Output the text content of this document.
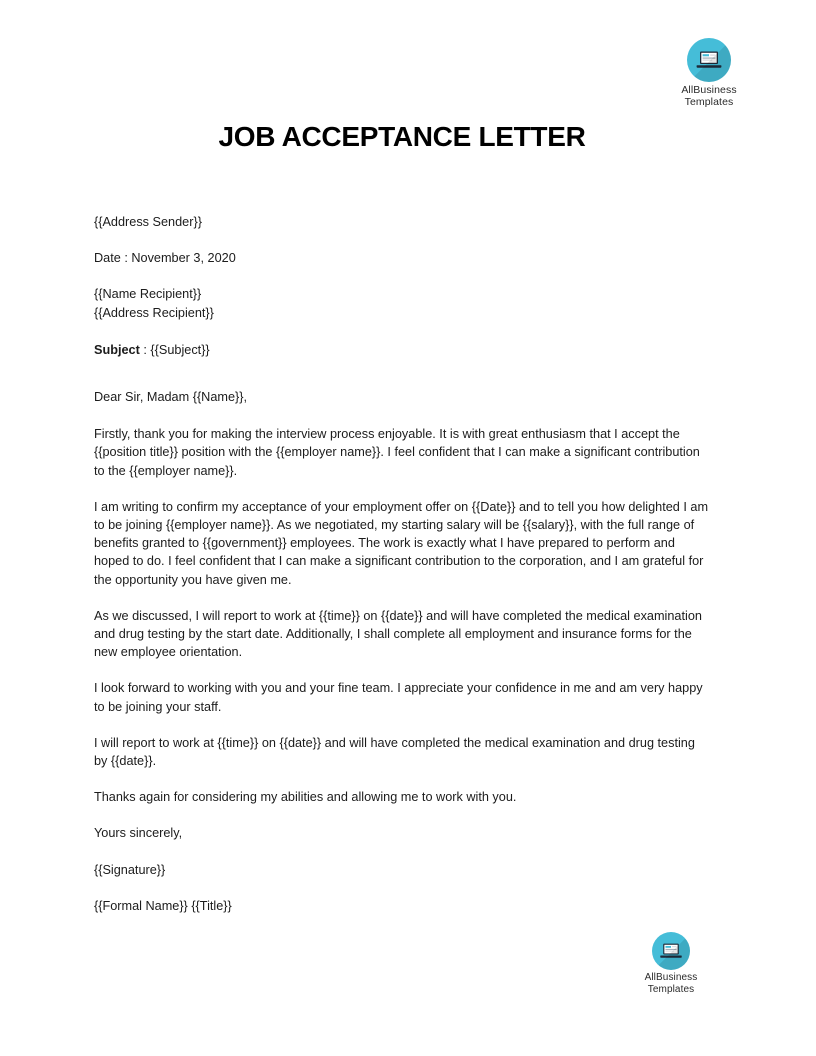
AllBusiness
Templates
JOB ACCEPTANCE LETTER

{{Address Sender}}

Date : November 3, 2020

{{Name Recipient}}

{{Address Recipient}}

Subject : {{Subject}}

Dear Sir, Madam {{Name}},

Firstly, thank you for making the interview process enjoyable. It is with great enthusiasm that I accept the {{position title}} position with the {{employer name}}. I feel confident that I can make a significant contribution to the {{employer name}}.

I am writing to confirm my acceptance of your employment offer on {{Date}} and to tell you how delighted I am to be joining {{employer name}}. As we negotiated, my starting salary will be {{salary}}, with the full range of benefits granted to {{government}} employees. The work is exactly what I have prepared to perform and hoped to do. I feel confident that I can make a significant contribution to the corporation, and I am grateful for the opportunity you have given me.

As we discussed, I will report to work at {{time}} on {{date}} and will have completed the medical examination and drug testing by the start date. Additionally, I shall complete all employment and insurance forms for the new employee orientation.

I look forward to working with you and your fine team. I appreciate your confidence in me and am very happy to be joining your staff.

I will report to work at {{time}} on {{date}} and will have completed the medical examination and drug testing by {{date}}.

Thanks again for considering my abilities and allowing me to work with you.

Yours sincerely,

{{Signature}}

{{Formal Name}} {{Title}}

AllBusiness
Templates
